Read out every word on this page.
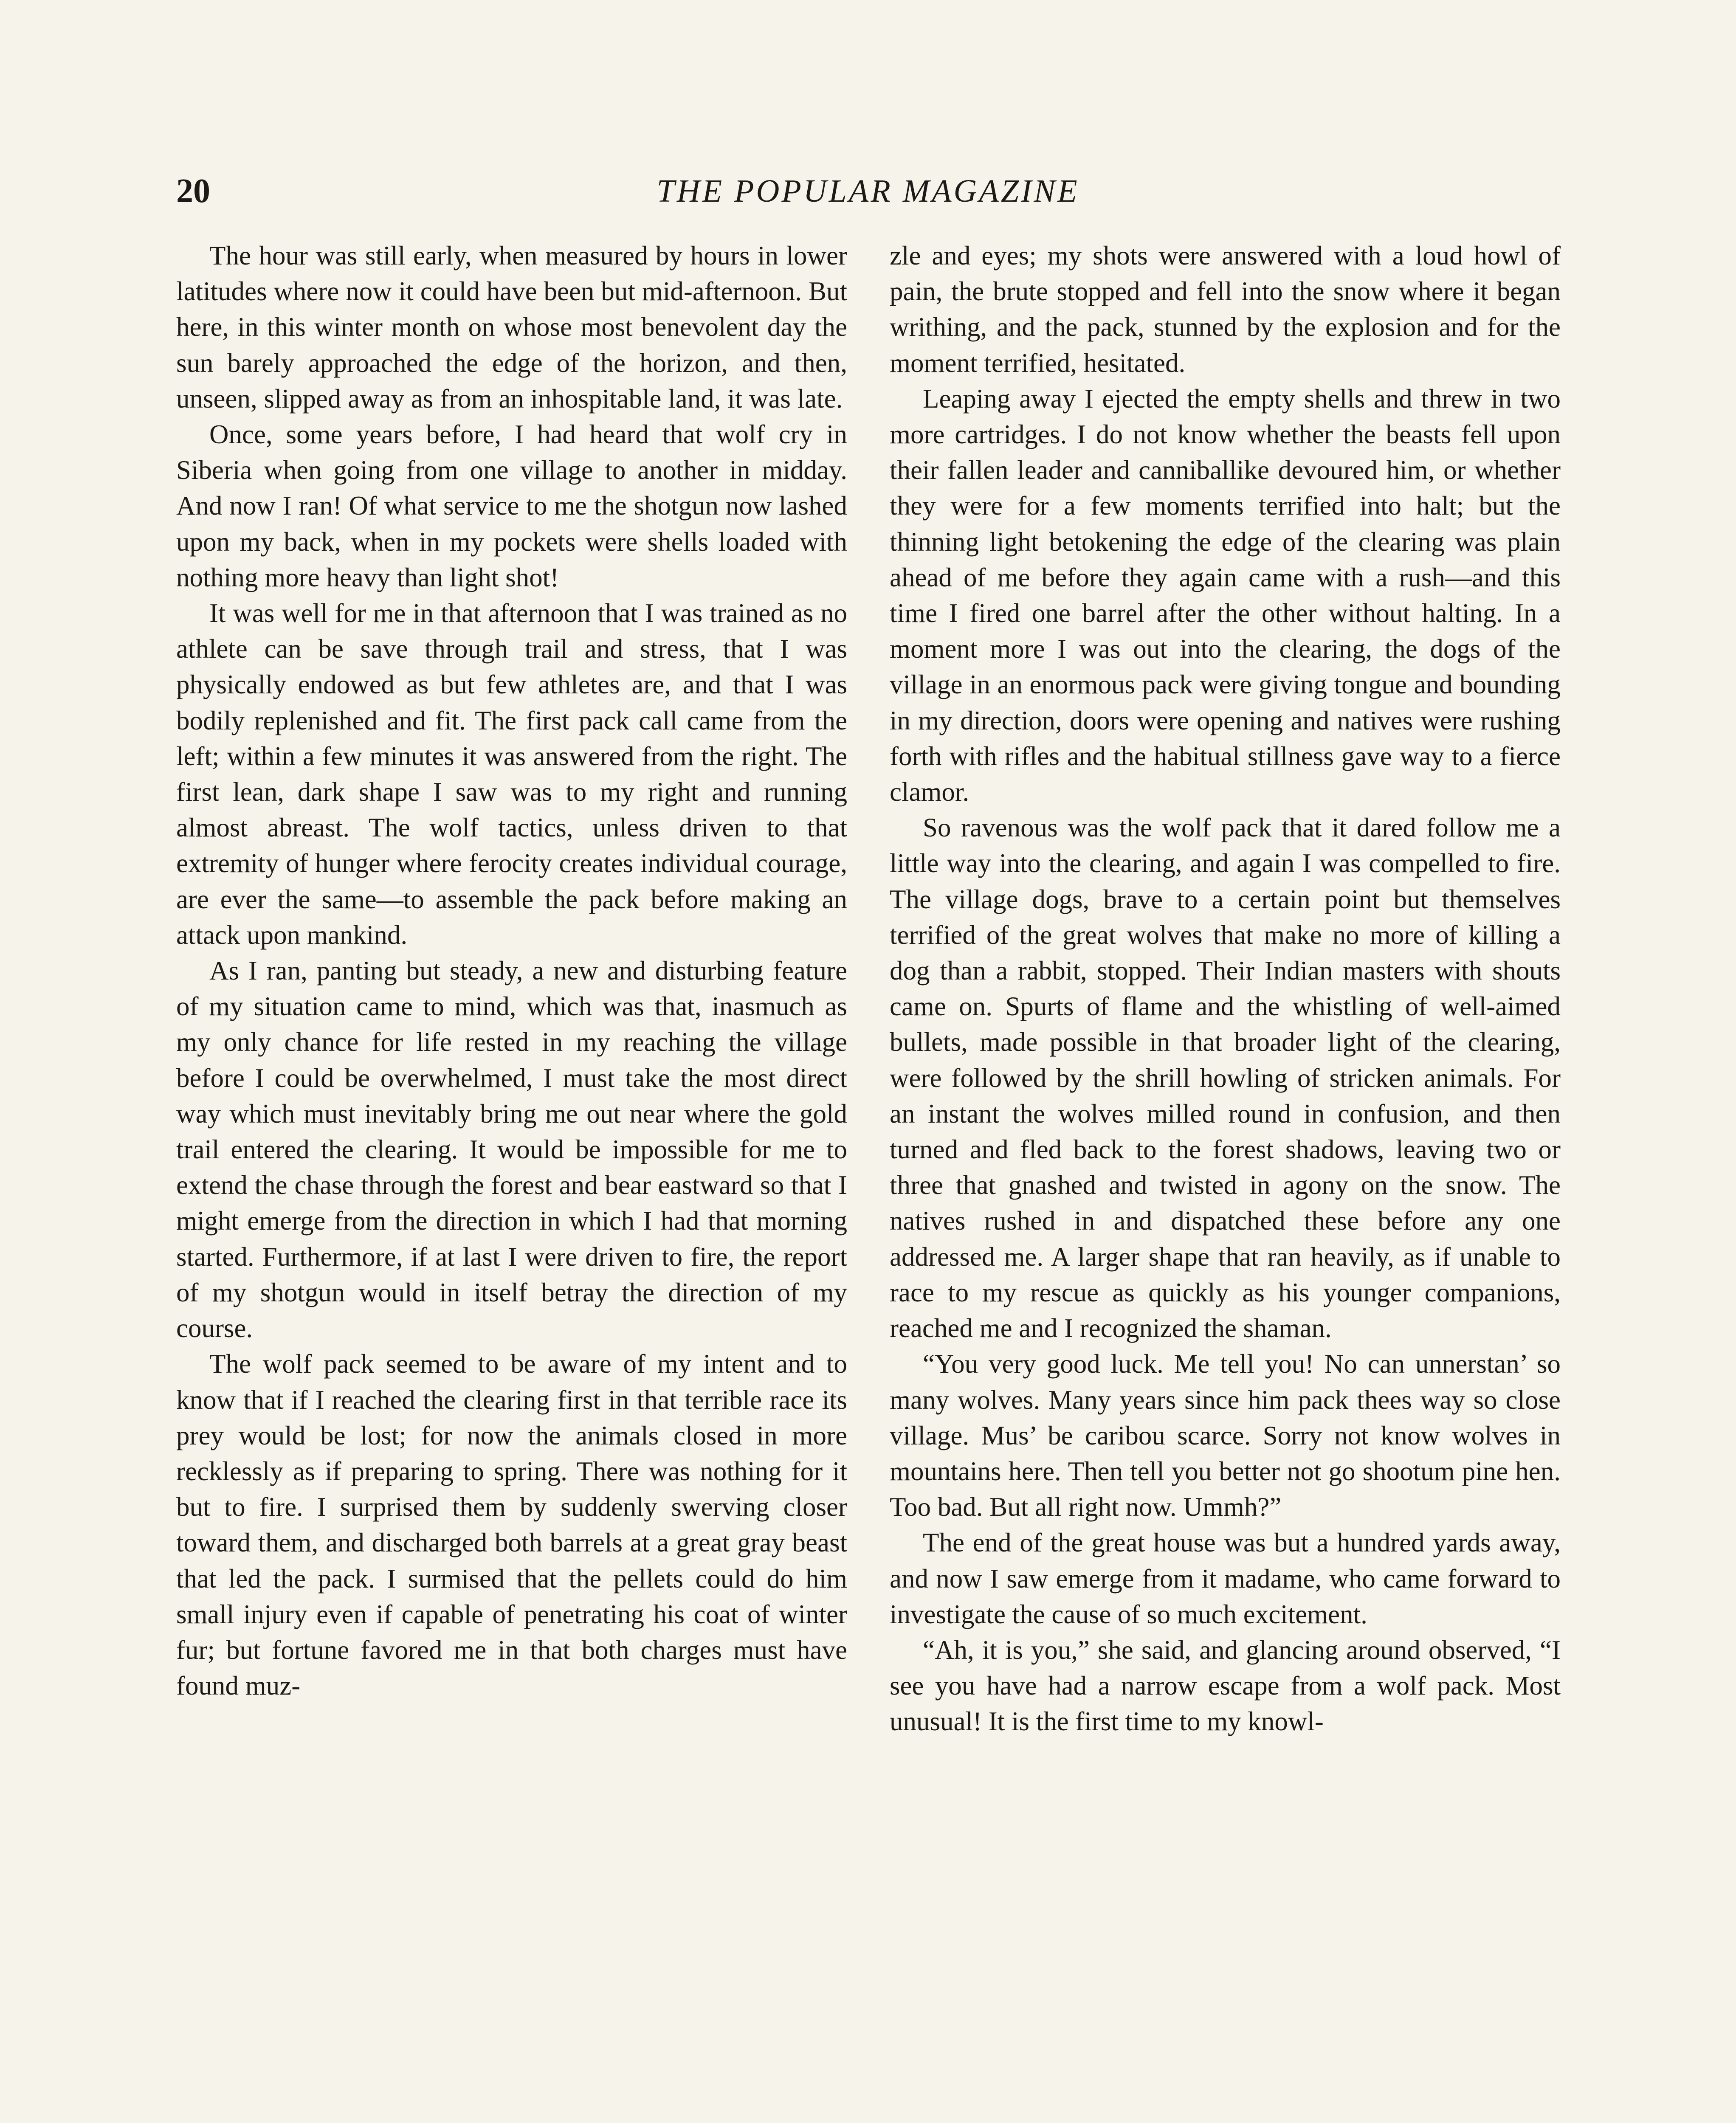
20	THE POPULAR MAGAZINE

The hour was still early, when measured by hours in lower latitudes where now it could have been but mid-afternoon. But here, in this winter month on whose most benevolent day the sun barely approached the edge of the horizon, and then, unseen, slipped away as from an inhospitable land, it was late.

Once, some years before, I had heard that wolf cry in Siberia when going from one village to another in midday. And now I ran! Of what service to me the shotgun now lashed upon my back, when in my pockets were shells loaded with nothing more heavy than light shot!

It was well for me in that afternoon that I was trained as no athlete can be save through trail and stress, that I was physically endowed as but few athletes are, and that I was bodily replenished and fit. The first pack call came from the left; within a few minutes it was answered from the right. The first lean, dark shape I saw was to my right and running almost abreast. The wolf tactics, unless driven to that extremity of hunger where ferocity creates individual courage, are ever the same—to assemble the pack before making an attack upon mankind.

As I ran, panting but steady, a new and disturbing feature of my situation came to mind, which was that, inasmuch as my only chance for life rested in my reaching the village before I could be overwhelmed, I must take the most direct way which must inevitably bring me out near where the gold trail entered the clearing. It would be impossible for me to extend the chase through the forest and bear eastward so that I might emerge from the direction in which I had that morning started. Furthermore, if at last I were driven to fire, the report of my shotgun would in itself betray the direction of my course.

The wolf pack seemed to be aware of my intent and to know that if I reached the clearing first in that terrible race its prey would be lost; for now the animals closed in more recklessly as if preparing to spring. There was nothing for it but to fire. I surprised them by suddenly swerving closer toward them, and discharged both barrels at a great gray beast that led the pack. I surmised that the pellets could do him small injury even if capable of penetrating his coat of winter fur; but fortune favored me in that both charges must have found muz-

zle and eyes; my shots were answered with a loud howl of pain, the brute stopped and fell into the snow where it began writhing, and the pack, stunned by the explosion and for the moment terrified, hesitated.

Leaping away I ejected the empty shells and threw in two more cartridges. I do not know whether the beasts fell upon their fallen leader and canniballike devoured him, or whether they were for a few moments terrified into halt; but the thinning light betokening the edge of the clearing was plain ahead of me before they again came with a rush—and this time I fired one barrel after the other without halting. In a moment more I was out into the clearing, the dogs of the village in an enormous pack were giving tongue and bounding in my direction, doors were opening and natives were rushing forth with rifles and the habitual stillness gave way to a fierce clamor.

So ravenous was the wolf pack that it dared follow me a little way into the clearing, and again I was compelled to fire. The village dogs, brave to a certain point but themselves terrified of the great wolves that make no more of killing a dog than a rabbit, stopped. Their Indian masters with shouts came on. Spurts of flame and the whistling of well-aimed bullets, made possible in that broader light of the clearing, were followed by the shrill howling of stricken animals. For an instant the wolves milled round in confusion, and then turned and fled back to the forest shadows, leaving two or three that gnashed and twisted in agony on the snow. The natives rushed in and dispatched these before any one addressed me. A larger shape that ran heavily, as if unable to race to my rescue as quickly as his younger companions, reached me and I recognized the shaman.

“You very good luck. Me tell you! No can unnerstan’ so many wolves. Many years since him pack thees way so close village. Mus’ be caribou scarce. Sorry not know wolves in mountains here. Then tell you better not go shootum pine hen. Too bad. But all right now. Ummh?”

The end of the great house was but a hundred yards away, and now I saw emerge from it madame, who came forward to investigate the cause of so much excitement.

“Ah, it is you,” she said, and glancing around observed, “I see you have had a narrow escape from a wolf pack. Most unusual! It is the first time to my knowl-
